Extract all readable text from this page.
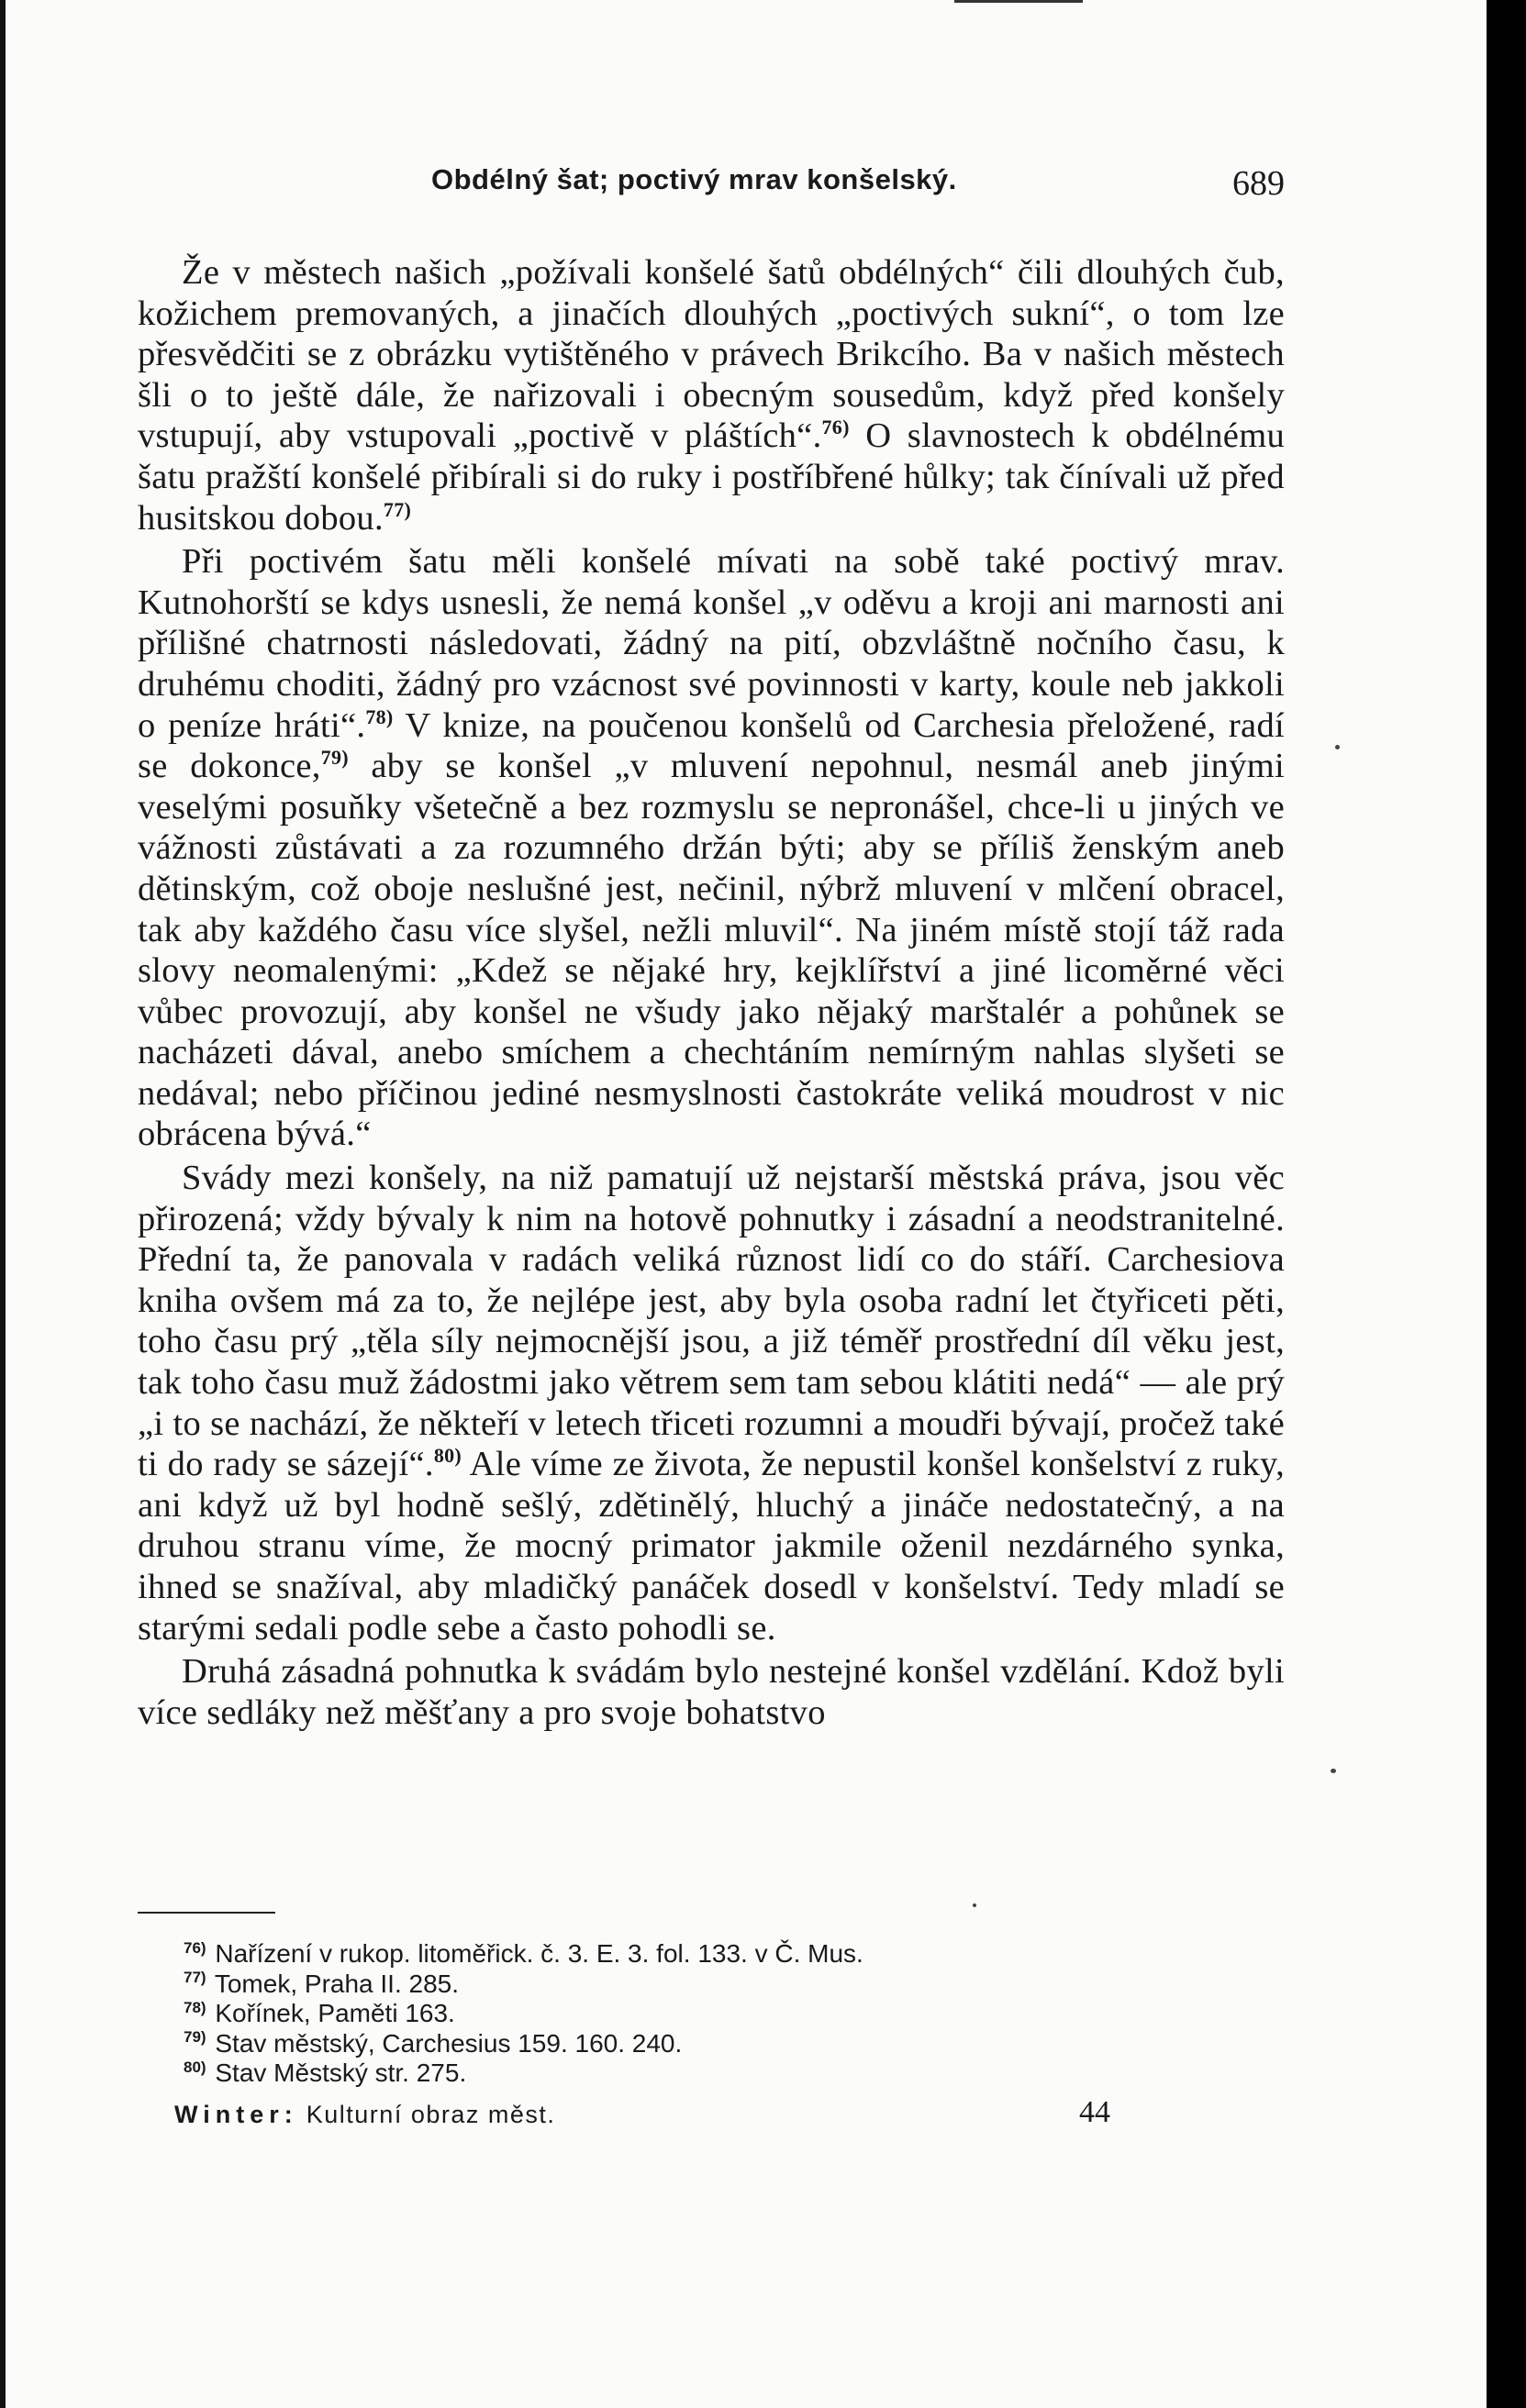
Obdélný šat; poctivý mrav konšelský.	689

Že v městech našich „požívali konšelé šatů obdélných“ čili dlouhých čub, kožichem premovaných, a jinačích dlouhých „poctivých sukní“, o tom lze přesvědčiti se z obrázku vytištěného v právech Brikcího. Ba v našich městech šli o to ještě dále, že nařizovali i obecným sousedům, když před konšely vstupují, aby vstupovali „poctivě v pláštích“.$^{76)}$ O slavnostech k obdélnému šatu pražští konšelé přibírali si do ruky i postříbřené hůlky; tak čínívali už před husitskou dobou.$^{77)}$

Při poctivém šatu měli konšelé mívati na sobě také poctivý mrav. Kutnohorští se kdys usnesli, že nemá konšel „v oděvu a kroji ani marnosti ani přílišné chatrnosti následovati, žádný na pití, obzvláštně nočního času, k druhému choditi, žádný pro vzácnost své povinnosti v karty, koule neb jakkoli o peníze hráti“.$^{78)}$ V knize, na poučenou konšelů od Carchesia přeložené, radí se dokonce,$^{79)}$ aby se konšel „v mluvení nepohnul, nesmál aneb jinými veselými posuňky všetečně a bez rozmyslu se nepronášel, chce-li u jiných ve vážnosti zůstávati a za rozumného držán býti; aby se příliš ženským aneb dětinským, což oboje neslušné jest, nečinil, nýbrž mluvení v mlčení obracel, tak aby každého času více slyšel, nežli mluvil“. Na jiném místě stojí táž rada slovy neomalenými: „Kdež se nějaké hry, kejklířství a jiné licoměrné věci vůbec provozují, aby konšel ne všudy jako nějaký marštalér a pohůnek se nacházeti dával, anebo smíchem a chechtáním nemírným nahlas slyšeti se nedával; nebo příčinou jediné nesmyslnosti častokráte veliká moudrost v nic obrácena bývá.“

Svády mezi konšely, na niž pamatují už nejstarší městská práva, jsou věc přirozená; vždy bývaly k nim na hotově pohnutky i zásadní a neodstranitelné. Přední ta, že panovala v radách veliká různost lidí co do stáří. Carchesiova kniha ovšem má za to, že nejlépe jest, aby byla osoba radní let čtyřiceti pěti, toho času prý „těla síly nejmocnější jsou, a již téměř prostřední díl věku jest, tak toho času muž žádostmi jako větrem sem tam sebou klátiti nedá“ — ale prý „i to se nachází, že někteří v letech třiceti rozumni a moudři bývají, pročež také ti do rady se sázejí“.$^{80)}$ Ale víme ze života, že nepustil konšel konšelství z ruky, ani když už byl hodně sešlý, zdětinělý, hluchý a jináče nedostatečný, a na druhou stranu víme, že mocný primator jakmile oženil nezdárného synka, ihned se snažíval, aby mladičký panáček dosedl v konšelství. Tedy mladí se starými sedali podle sebe a často pohodli se.

Druhá zásadná pohnutka k svádám bylo nestejné konšel vzdělání. Kdož byli více sedláky než měšťany a pro svoje bohatstvo

$^{76)}$ Nařízení v rukop. litoměřick. č. 3. E. 3. fol. 133. v Č. Mus.
$^{77)}$ Tomek, Praha II. 285.
$^{78)}$ Kořínek, Paměti 163.
$^{79)}$ Stav městský, Carchesius 159. 160. 240.
$^{80)}$ Stav Městský str. 275.
Winter: Kulturní obraz měst.	44
